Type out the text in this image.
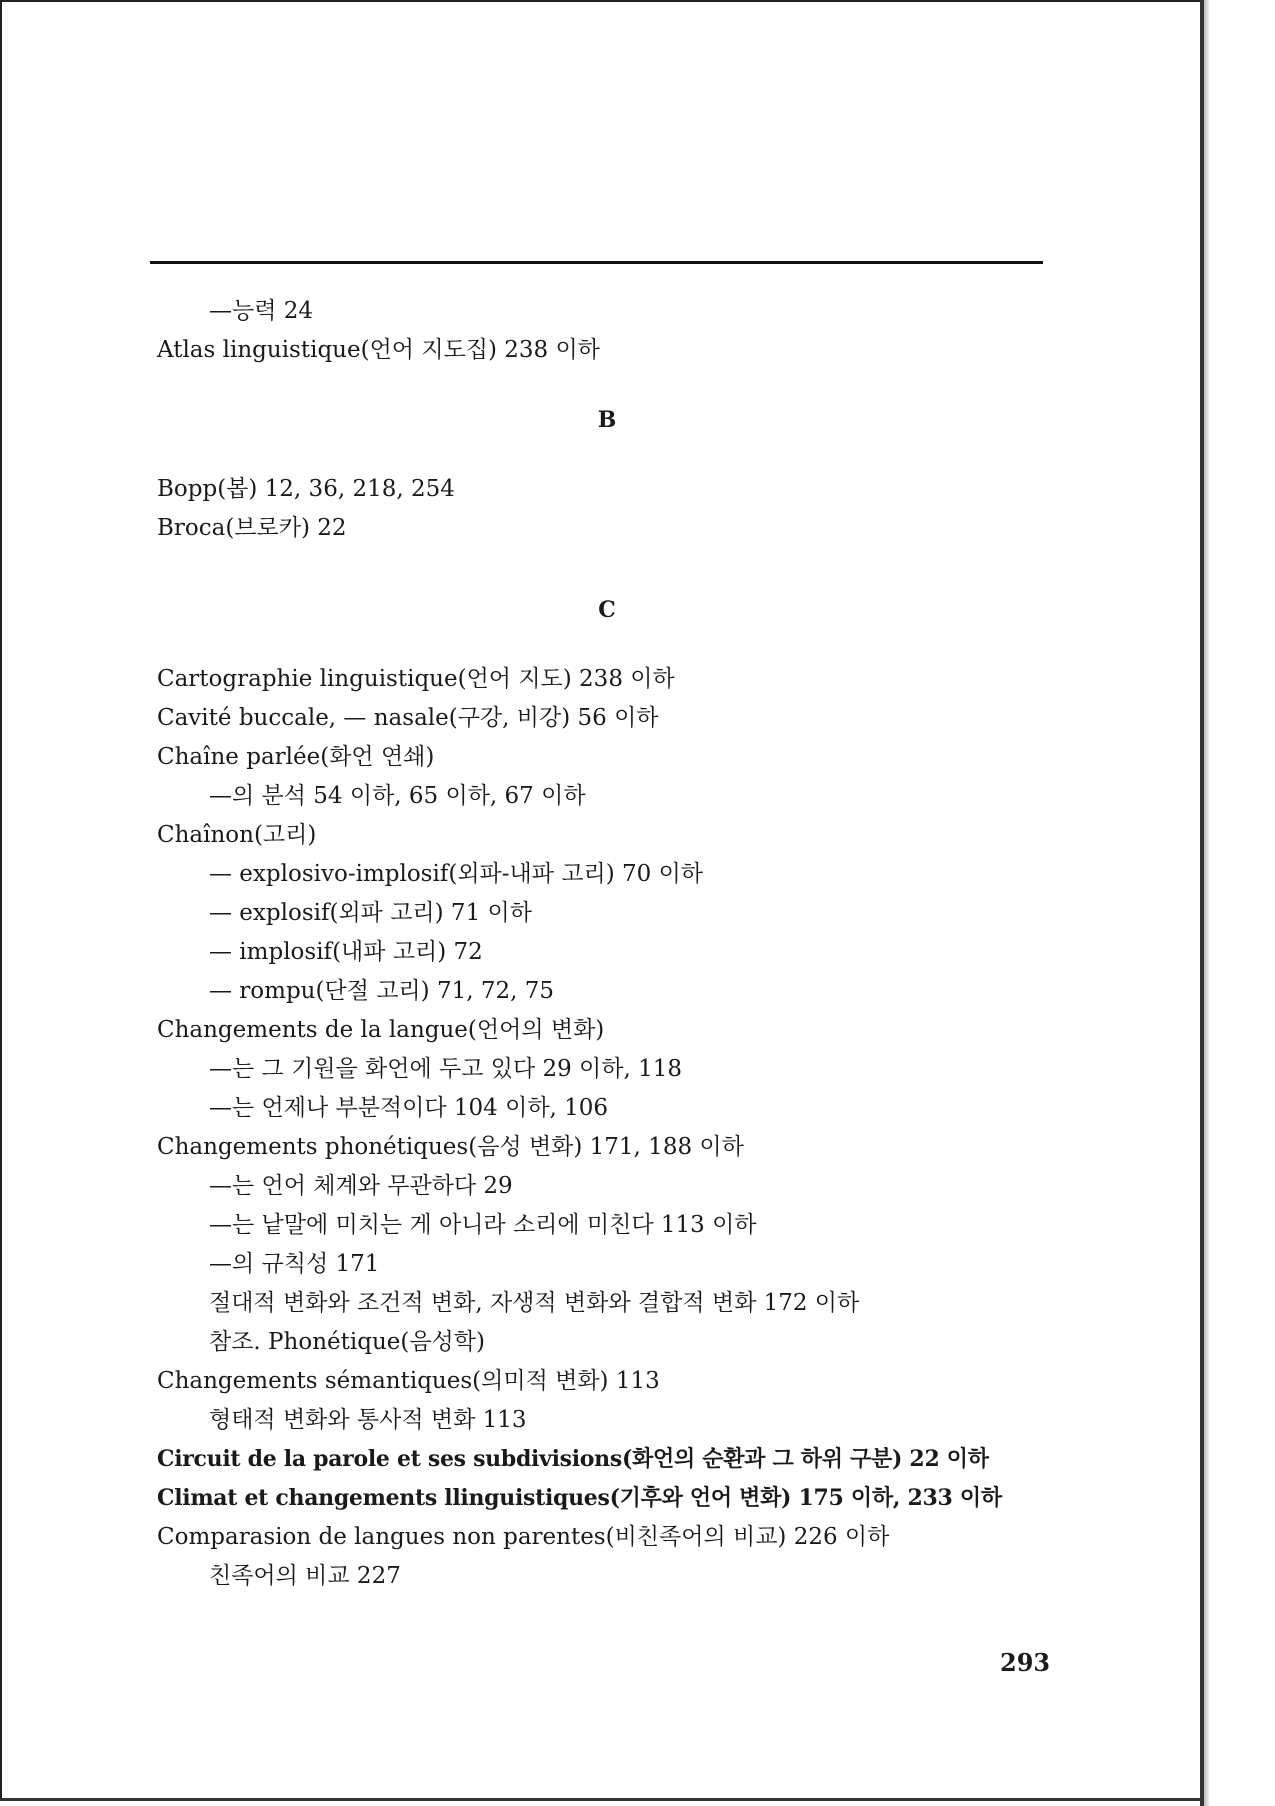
—능력 24
Atlas linguistique(언어 지도집) 238 이하
B
Bopp(봅) 12, 36, 218, 254
Broca(브로카) 22
C
Cartographie linguistique(언어 지도) 238 이하
Cavité buccale, — nasale(구강, 비강) 56 이하
Chaîne parlée(화언 연쇄)
—의 분석 54 이하, 65 이하, 67 이하
Chaînon(고리)
— explosivo-implosif(외파-내파 고리) 70 이하
— explosif(외파 고리) 71 이하
— implosif(내파 고리) 72
— rompu(단절 고리) 71, 72, 75
Changements de la langue(언어의 변화)
—는 그 기원을 화언에 두고 있다 29 이하, 118
—는 언제나 부분적이다 104 이하, 106
Changements phonétiques(음성 변화) 171, 188 이하
—는 언어 체계와 무관하다 29
—는 낱말에 미치는 게 아니라 소리에 미친다 113 이하
—의 규칙성 171
절대적 변화와 조건적 변화, 자생적 변화와 결합적 변화 172 이하
참조. Phonétique(음성학)
Changements sémantiques(의미적 변화) 113
형태적 변화와 통사적 변화 113
Circuit de la parole et ses subdivisions(화언의 순환과 그 하위 구분) 22 이하
Climat et changements llinguistiques(기후와 언어 변화) 175 이하, 233 이하
Comparasion de langues non parentes(비친족어의 비교) 226 이하
친족어의 비교 227
293
